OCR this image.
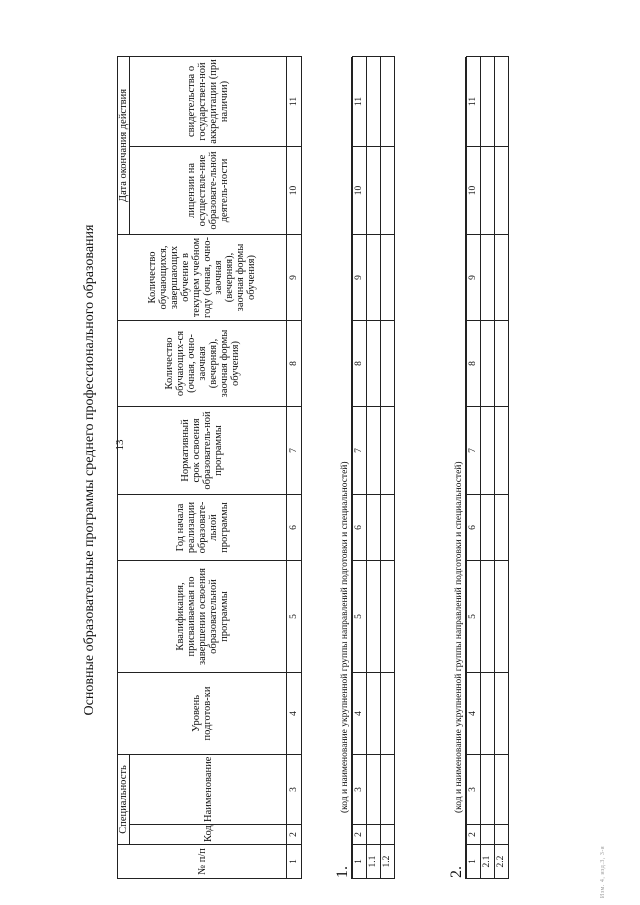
13
Основные образовательные программы среднего профессионального образования
Изм. 4, изд.3, 3-я
№ п/п	Специальность		Уровень подготов-ки	Квалификация, присваиваемая по завершении освоения образовательной программы	Год начала реализации образовате-льной программы	Нормативный срок освоения образователь-ной программы	Количество обучающих-ся (очная, очно-заочная (вечерняя), заочная формы обучения)	Количество обучающихся, завершающих обучение в текущем учебном году (очная, очно-заочная (вечерняя), заочная формы обучения)	Дата окончания действия	
	Код	Наименование							лицензии на осуществле-ние образовате-льной деятель-ности	свидетельства о государствен-ной аккредитации (при наличии)
1	2	3	4	5	6	7	8	9	10	11
(код и наименование укрупненной группы направлений подготовки и специальностей)
1	2	3	4	5	6	7	8	9	10	11
1.1										
1.2										
1.
(код и наименование укрупненной группы направлений подготовки и специальностей)
1	2	3	4	5	6	7	8	9	10	11
2.1										
2.2										
2.
